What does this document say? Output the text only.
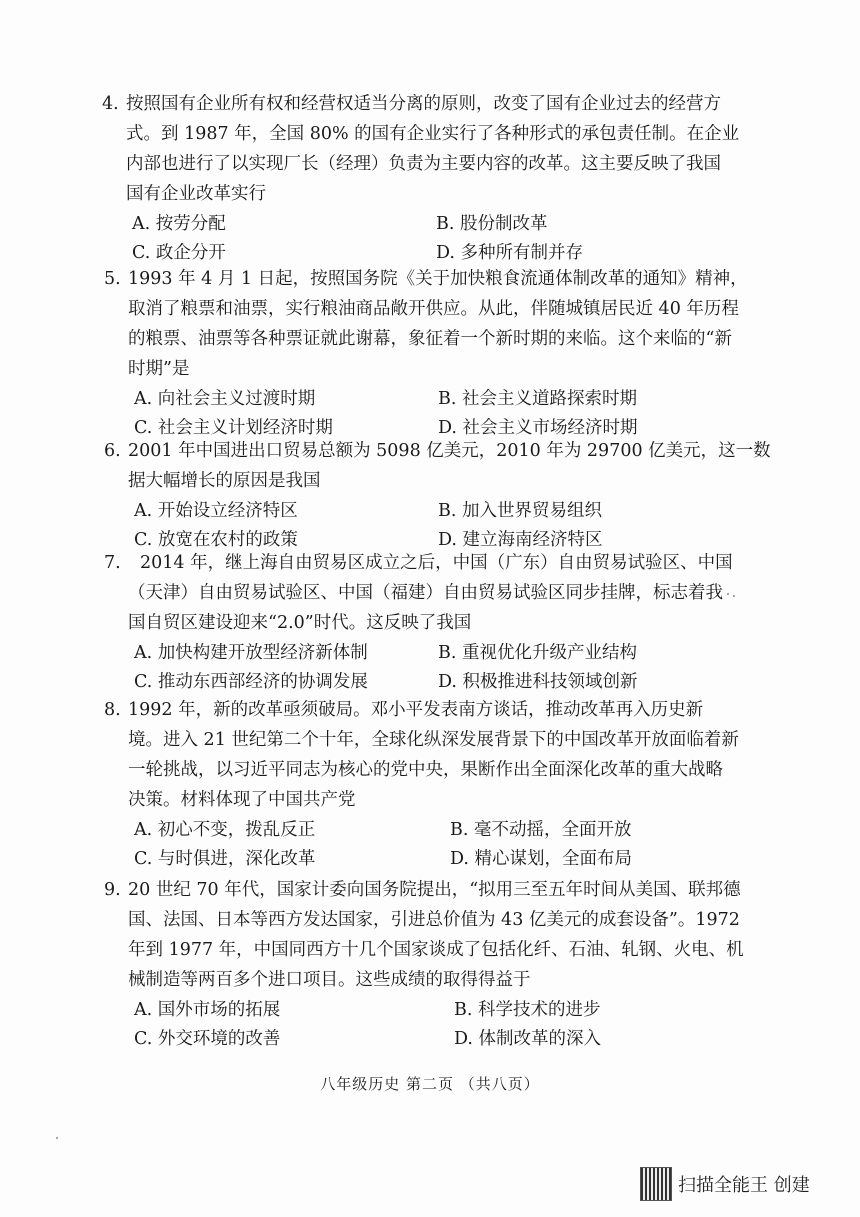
4. 按照国有企业所有权和经营权适当分离的原则，改变了国有企业过去的经营方
式。到 1987 年，全国 80% 的国有企业实行了各种形式的承包责任制。在企业
内部也进行了以实现厂长（经理）负责为主要内容的改革。这主要反映了我国
国有企业改革实行
A. 按劳分配	B. 股份制改革
C. 政企分开	D. 多种所有制并存
5. 1993 年 4 月 1 日起，按照国务院《关于加快粮食流通体制改革的通知》精神，
取消了粮票和油票，实行粮油商品敞开供应。从此，伴随城镇居民近 40 年历程
的粮票、油票等各种票证就此谢幕，象征着一个新时期的来临。这个来临的“新
时期”是
A. 向社会主义过渡时期	B. 社会主义道路探索时期
C. 社会主义计划经济时期	D. 社会主义市场经济时期
6. 2001 年中国进出口贸易总额为 5098 亿美元，2010 年为 29700 亿美元，这一数
据大幅增长的原因是我国
A. 开始设立经济特区	B. 加入世界贸易组织
C. 放宽在农村的政策	D. 建立海南经济特区
7. 2014 年，继上海自由贸易区成立之后，中国（广东）自由贸易试验区、中国
（天津）自由贸易试验区、中国（福建）自由贸易试验区同步挂牌，标志着我
国自贸区建设迎来“2.0”时代。这反映了我国
A. 加快构建开放型经济新体制	B. 重视优化升级产业结构
C. 推动东西部经济的协调发展	D. 积极推进科技领域创新
8. 1992 年，新的改革亟须破局。邓小平发表南方谈话，推动改革再入历史新
境。进入 21 世纪第二个十年，全球化纵深发展背景下的中国改革开放面临着新
一轮挑战，以习近平同志为核心的党中央，果断作出全面深化改革的重大战略
决策。材料体现了中国共产党
A. 初心不变，拨乱反正	B. 毫不动摇，全面开放
C. 与时俱进，深化改革	D. 精心谋划，全面布局
9. 20 世纪 70 年代，国家计委向国务院提出，“拟用三至五年时间从美国、联邦德
国、法国、日本等西方发达国家，引进总价值为 43 亿美元的成套设备”。1972
年到 1977 年，中国同西方十几个国家谈成了包括化纤、石油、轧钢、火电、机
械制造等两百多个进口项目。这些成绩的取得得益于
A. 国外市场的拓展	B. 科学技术的进步
C. 外交环境的改善	D. 体制改革的深入
八年级历史 第二页 （共八页）
扫描全能王 创建
